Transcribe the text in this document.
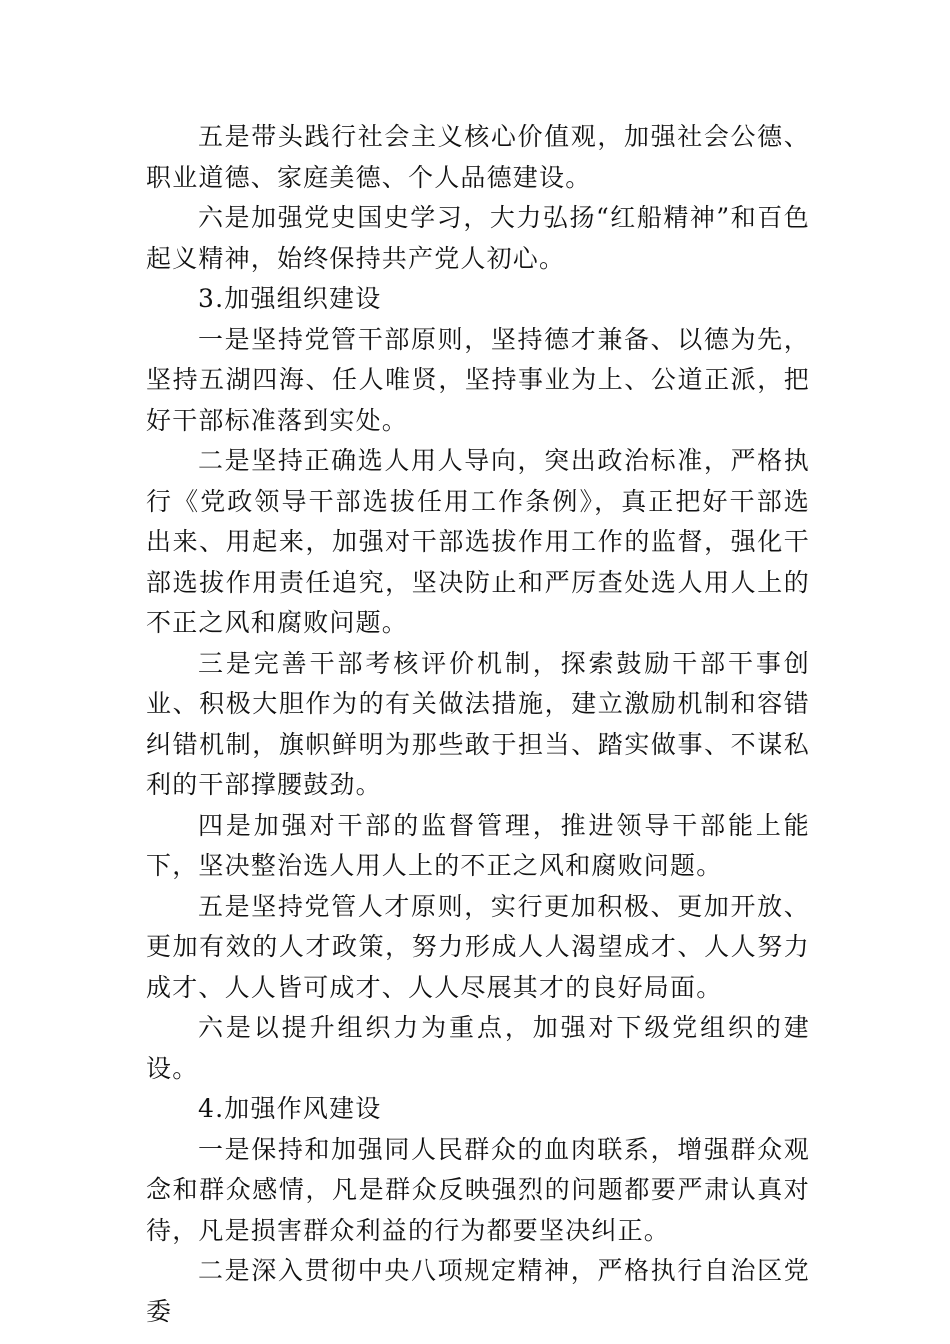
五是带头践行社会主义核心价值观，加强社会公德、职业道德、家庭美德、个人品德建设。

六是加强党史国史学习，大力弘扬“红船精神”和百色起义精神，始终保持共产党人初心。

3.加强组织建设

一是坚持党管干部原则，坚持德才兼备、以德为先，坚持五湖四海、任人唯贤，坚持事业为上、公道正派，把好干部标准落到实处。

二是坚持正确选人用人导向，突出政治标准，严格执行《党政领导干部选拔任用工作条例》，真正把好干部选出来、用起来，加强对干部选拔作用工作的监督，强化干部选拔作用责任追究，坚决防止和严厉查处选人用人上的不正之风和腐败问题。

三是完善干部考核评价机制，探索鼓励干部干事创业、积极大胆作为的有关做法措施，建立激励机制和容错纠错机制，旗帜鲜明为那些敢于担当、踏实做事、不谋私利的干部撑腰鼓劲。

四是加强对干部的监督管理，推进领导干部能上能下，坚决整治选人用人上的不正之风和腐败问题。

五是坚持党管人才原则，实行更加积极、更加开放、更加有效的人才政策，努力形成人人渴望成才、人人努力成才、人人皆可成才、人人尽展其才的良好局面。

六是以提升组织力为重点，加强对下级党组织的建设。

4.加强作风建设

一是保持和加强同人民群众的血肉联系，增强群众观念和群众感情，凡是群众反映强烈的问题都要严肃认真对待，凡是损害群众利益的行为都要坚决纠正。

二是深入贯彻中央八项规定精神，严格执行自治区党委
